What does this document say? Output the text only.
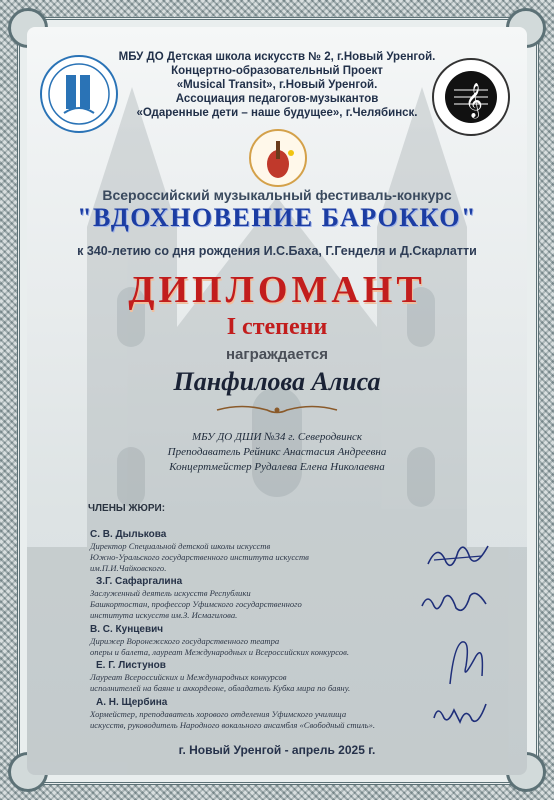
𝄞
МБУ ДО Детская школа искусств № 2, г.Новый Уренгой.
Концертно-образовательный Проект
«Musical Transit», г.Новый Уренгой.
Ассоциация педагогов-музыкантов
«Одаренные дети – наше будущее», г.Челябинск.
Всероссийский музыкальный фестиваль-конкурс
"ВДОХНОВЕНИЕ БАРОККО"
к 340-летию со дня рождения И.С.Баха, Г.Генделя и Д.Скарлатти
ДИПЛОМАНТ
I степени
награждается
Панфилова Алиса
МБУ ДО ДШИ №34 г. Северодвинск
Преподаватель Рейникс Анастасия Андреевна
Концертмейстер Рудалева Елена Николаевна
ЧЛЕНЫ ЖЮРИ:
С. В. Дылькова
Директор Специальной детской школы искусств
Южно-Уральского государственного института искусств
им.П.И.Чайковского.
З.Г. Сафаргалина
Заслуженный деятель искусств Республики
Башкортостан, профессор Уфимского государственного
института искусств им.З. Исмагилова.
В. С. Кунцевич
Дирижер Воронежского государственного театра
оперы и балета, лауреат Международных и Всероссийских конкурсов.
Е. Г. Листунов
Лауреат Всероссийских и Международных конкурсов
исполнителей на баяне и аккордеоне, обладатель Кубка мира по баяну.
А. Н. Щербина
Хормейстер, преподаватель хорового отделения Уфимского училища
искусств, руководитель Народного вокального ансамбля «Свободный стиль».
г. Новый Уренгой - апрель 2025 г.
